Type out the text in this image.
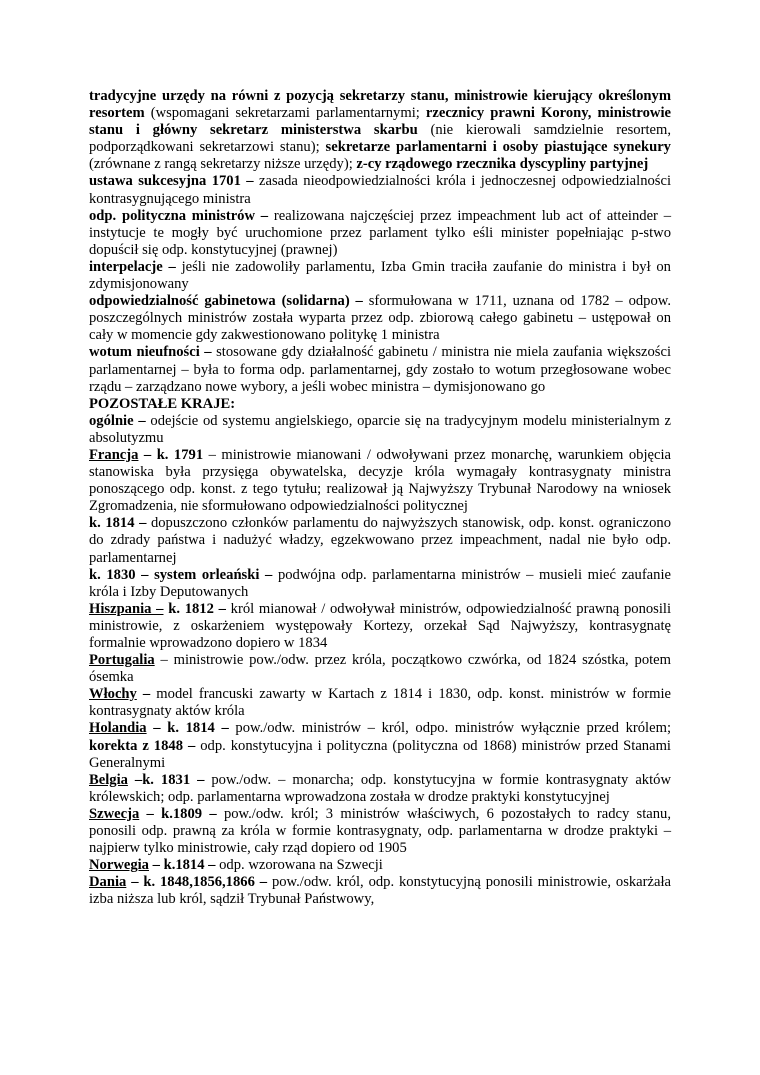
tradycyjne urzędy na równi z pozycją sekretarzy stanu, ministrowie kierujący określonym resortem (wspomagani sekretarzami parlamentarnymi; rzecznicy prawni Korony, ministrowie stanu i główny sekretarz ministerstwa skarbu (nie kierowali samdzielnie resortem, podporządkowani sekretarzowi stanu); sekretarze parlamentarni i osoby piastujące synekury (zrównane z rangą sekretarzy niższe urzędy); z-cy rządowego rzecznika dyscypliny partyjnej

ustawa sukcesyjna 1701 – zasada nieodpowiedzialności króla i jednoczesnej odpowiedzialności kontrasygnującego ministra

odp. polityczna ministrów – realizowana najczęściej przez impeachment lub act of atteinder – instytucje te mogły być uruchomione przez parlament tylko eśli minister popełniając p-stwo dopuścił się odp. konstytucyjnej (prawnej)

interpelacje – jeśli nie zadowoliły parlamentu, Izba Gmin traciła zaufanie do ministra i był on zdymisjonowany

odpowiedzialność gabinetowa (solidarna) – sformułowana w 1711, uznana od 1782 – odpow. poszczególnych ministrów została wyparta przez odp. zbiorową całego gabinetu – ustępował on cały w momencie gdy zakwestionowano politykę 1 ministra

wotum nieufności – stosowane gdy działalność gabinetu / ministra nie miela zaufania większości parlamentarnej – była to forma odp. parlamentarnej, gdy zostało to wotum przegłosowane wobec rządu – zarządzano nowe wybory, a jeśli wobec ministra – dymisjonowano go

POZOSTAŁE KRAJE:

ogólnie – odejście od systemu angielskiego, oparcie się na tradycyjnym modelu ministerialnym z absolutyzmu

Francja – k. 1791 – ministrowie mianowani / odwoływani przez monarchę, warunkiem objęcia stanowiska była przysięga obywatelska, decyzje króla wymagały kontrasygnaty ministra ponoszącego odp. konst. z tego tytułu; realizował ją Najwyższy Trybunał Narodowy na wniosek Zgromadzenia, nie sformułowano odpowiedzialności politycznej

k. 1814 – dopuszczono członków parlamentu do najwyższych stanowisk, odp. konst. ograniczono do zdrady państwa i nadużyć władzy, egzekwowano przez impeachment, nadal nie było odp. parlamentarnej

k. 1830 – system orleański – podwójna odp. parlamentarna ministrów – musieli mieć zaufanie króla i Izby Deputowanych

Hiszpania – k. 1812 – król mianował / odwoływał ministrów, odpowiedzialność prawną ponosili ministrowie, z oskarżeniem występowały Kortezy, orzekał Sąd Najwyższy, kontrasygnatę formalnie wprowadzono dopiero w 1834

Portugalia – ministrowie pow./odw. przez króla, początkowo czwórka, od 1824 szóstka, potem ósemka

Włochy – model francuski zawarty w Kartach z 1814 i 1830, odp. konst. ministrów w formie kontrasygnaty aktów króla

Holandia – k. 1814 – pow./odw. ministrów – król, odpo. ministrów wyłącznie przed królem; korekta z 1848 – odp. konstytucyjna i polityczna (polityczna od 1868) ministrów przed Stanami Generalnymi

Belgia –k. 1831 – pow./odw. – monarcha; odp. konstytucyjna w formie kontrasygnaty aktów królewskich; odp. parlamentarna wprowadzona została w drodze praktyki konstytucyjnej

Szwecja – k.1809 – pow./odw. król; 3 ministrów właściwych, 6 pozostałych to radcy stanu, ponosili odp. prawną za króla w formie kontrasygnaty, odp. parlamentarna w drodze praktyki – najpierw tylko ministrowie, cały rząd dopiero od 1905

Norwegia – k.1814 – odp. wzorowana na Szwecji

Dania – k. 1848,1856,1866 – pow./odw. król, odp. konstytucyjną ponosili ministrowie, oskarżała izba niższa lub król, sądził Trybunał Państwowy,
